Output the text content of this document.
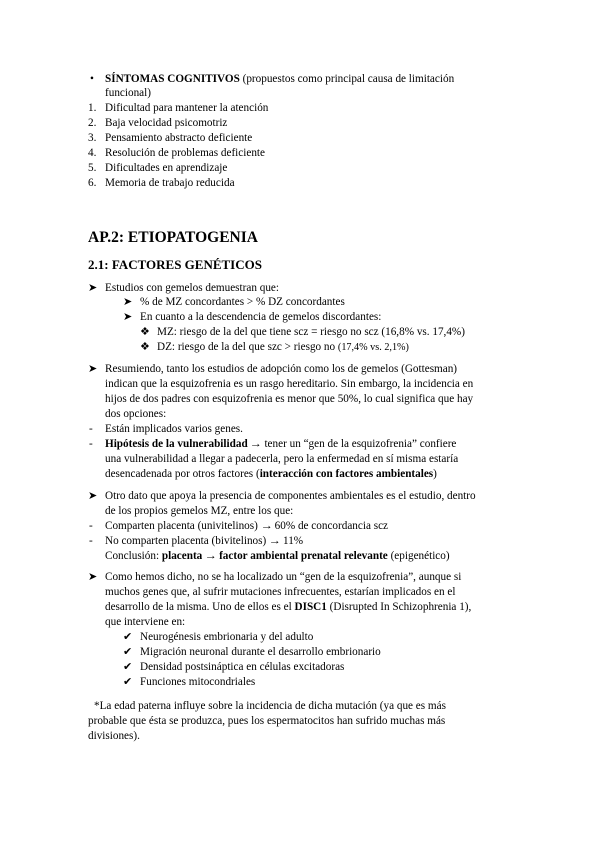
• SÍNTOMAS COGNITIVOS (propuestos como principal causa de limitación
funcional)
1. Dificultad para mantener la atención
2. Baja velocidad psicomotriz
3. Pensamiento abstracto deficiente
4. Resolución de problemas deficiente
5. Dificultades en aprendizaje
6. Memoria de trabajo reducida
AP.2: ETIOPATOGENIA
2.1: FACTORES GENÉTICOS
➤ Estudios con gemelos demuestran que:
➤ % de MZ concordantes > % DZ concordantes
➤ En cuanto a la descendencia de gemelos discordantes:
❖ MZ: riesgo de la del que tiene scz = riesgo no scz (16,8% vs. 17,4%)
❖ DZ: riesgo de la del que szc > riesgo no (17,4% vs. 2,1%)
➤ Resumiendo, tanto los estudios de adopción como los de gemelos (Gottesman)
indican que la esquizofrenia es un rasgo hereditario. Sin embargo, la incidencia en
hijos de dos padres con esquizofrenia es menor que 50%, lo cual significa que hay
dos opciones:
- Están implicados varios genes.
- Hipótesis de la vulnerabilidad → tener un “gen de la esquizofrenia” confiere
una vulnerabilidad a llegar a padecerla, pero la enfermedad en sí misma estaría
desencadenada por otros factores (interacción con factores ambientales)
➤ Otro dato que apoya la presencia de componentes ambientales es el estudio, dentro
de los propios gemelos MZ, entre los que:
- Comparten placenta (univitelinos) → 60% de concordancia scz
- No comparten placenta (bivitelinos) → 11%
Conclusión: placenta → factor ambiental prenatal relevante (epigenético)
➤ Como hemos dicho, no se ha localizado un “gen de la esquizofrenia”, aunque si
muchos genes que, al sufrir mutaciones infrecuentes, estarían implicados en el
desarrollo de la misma. Uno de ellos es el DISC1 (Disrupted In Schizophrenia 1),
que interviene en:
✔ Neurogénesis embrionaria y del adulto
✔ Migración neuronal durante el desarrollo embrionario
✔ Densidad postsináptica en células excitadoras
✔ Funciones mitocondriales
*La edad paterna influye sobre la incidencia de dicha mutación (ya que es más
probable que ésta se produzca, pues los espermatocitos han sufrido muchas más
divisiones).
